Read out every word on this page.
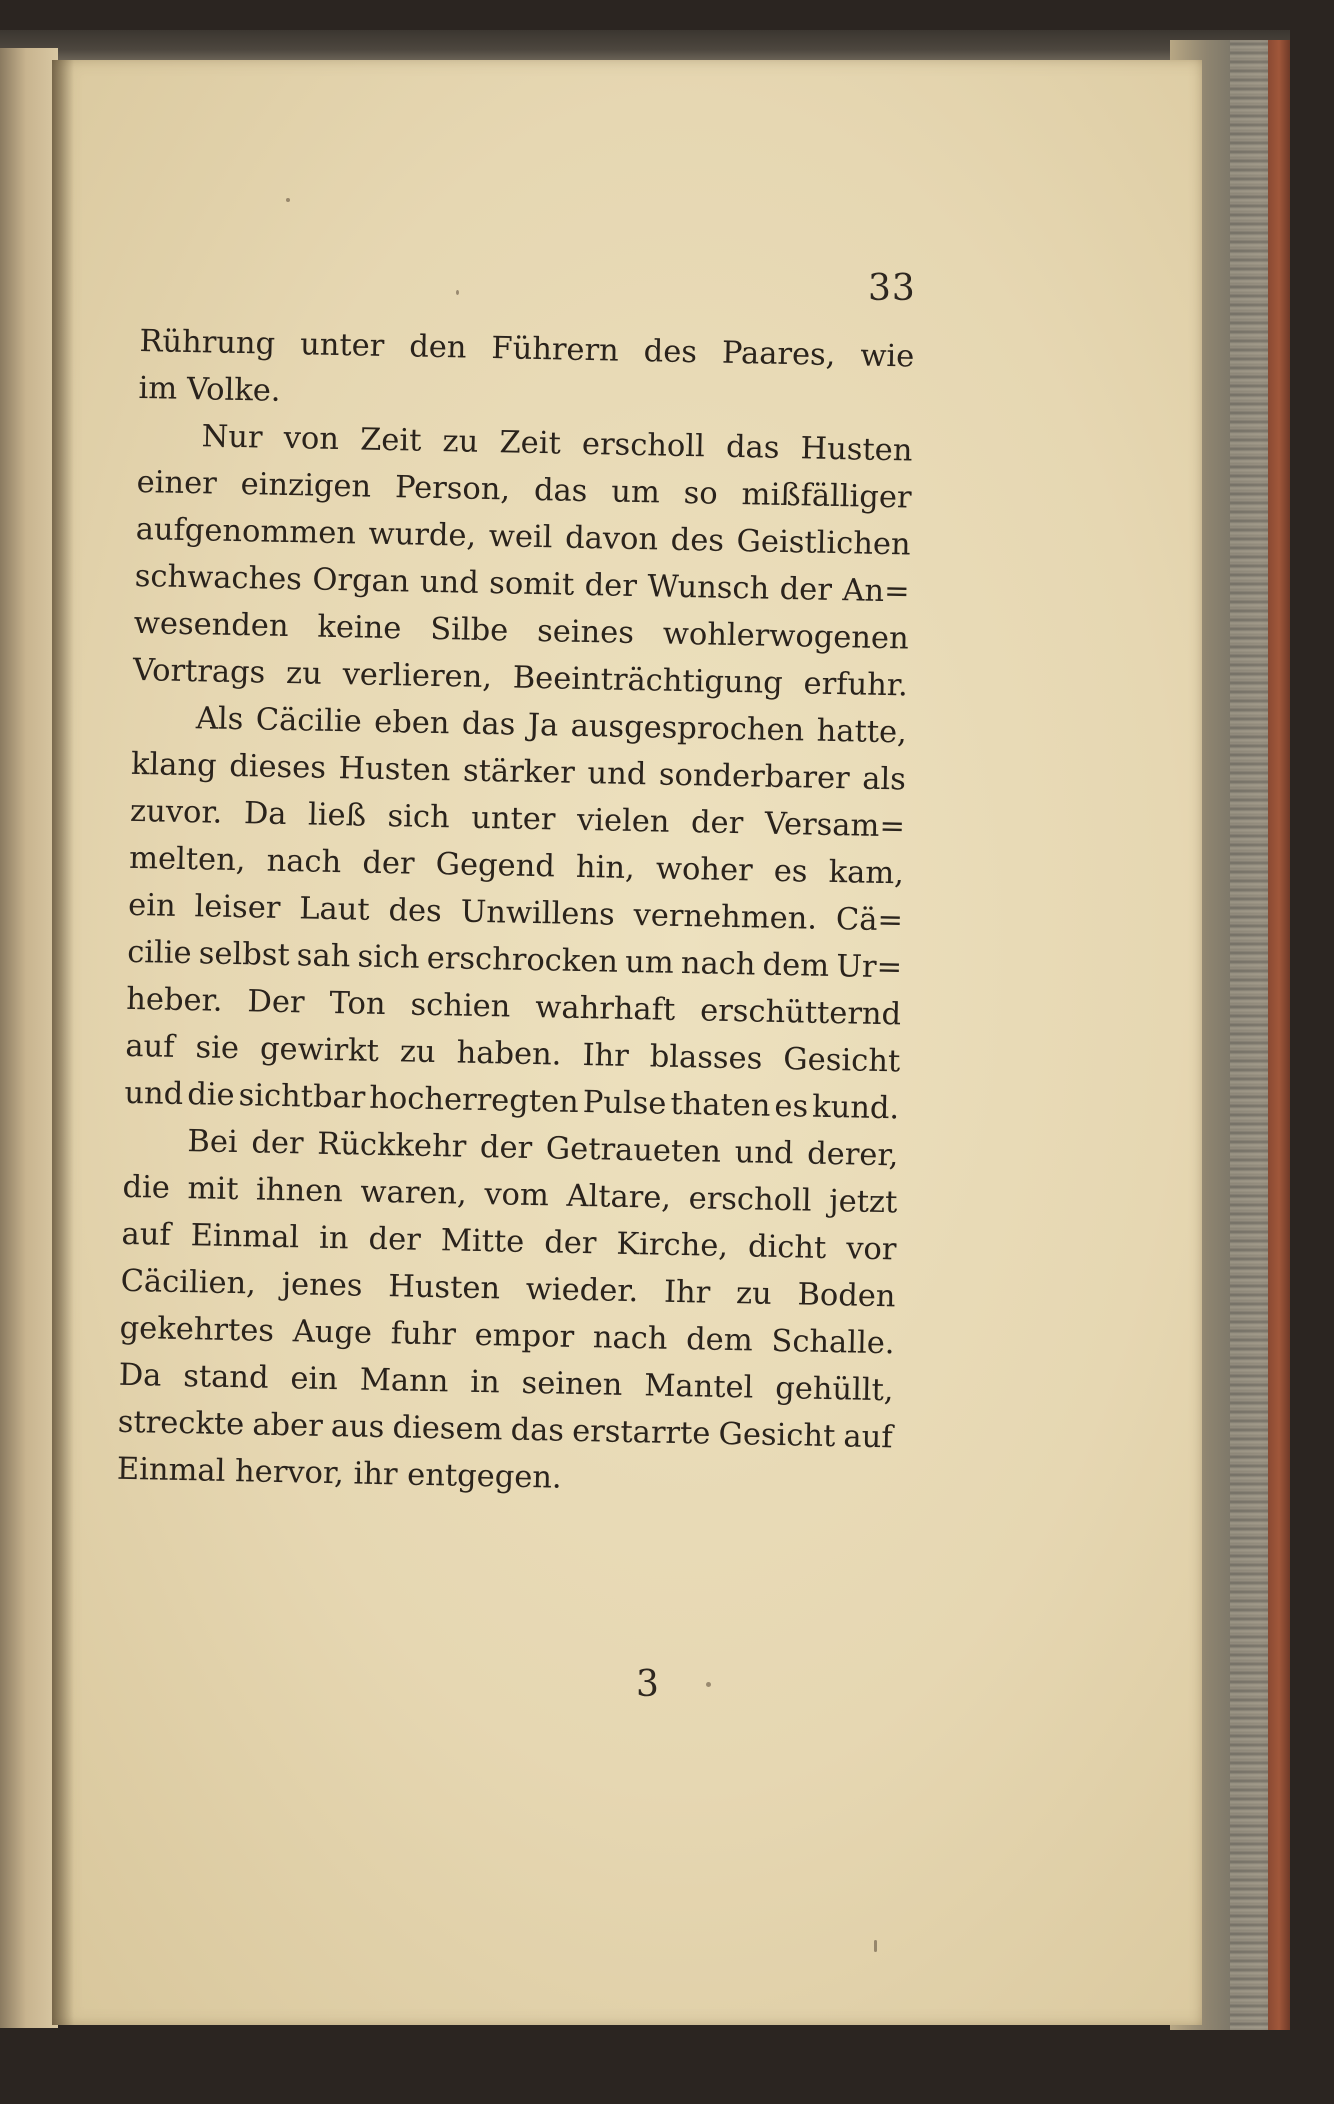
33
Rührung unter den Führern des Paares, wie
im
Volke.

Nur von Zeit zu Zeit erscholl das Husten
einer einzigen Person, das um so mißfälliger
aufgenommen wurde, weil davon des Geistlichen
schwaches Organ und somit der Wunsch der An=
wesenden keine Silbe seines wohlerwogenen
Vortrags zu verlieren, Beeinträchtigung erfuhr.
Als Cäcilie eben das Ja ausgesprochen hatte,
klang dieses Husten stärker und sonderbarer als
zuvor. Da ließ sich unter vielen der Versam=
melten, nach der Gegend hin, woher es kam,
ein leiser Laut des Unwillens vernehmen. Cä=
cilie selbst sah sich erschrocken um nach dem Ur=
heber. Der Ton schien wahrhaft erschütternd
auf sie gewirkt zu haben. Ihr blasses Gesicht
und die sichtbar hocherregten Pulse thaten es kund.
Bei der Rückkehr der Getraueten und derer,
die mit ihnen waren, vom Altare, erscholl jetzt
auf Einmal in der Mitte der Kirche, dicht vor
Cäcilien, jenes Husten wieder. Ihr zu Boden
gekehrtes Auge fuhr empor nach dem Schalle.
Da stand ein Mann in seinen Mantel gehüllt,
streckte aber aus diesem das erstarrte Gesicht auf
Einmal
hervor,
ihr
entgegen.

3
